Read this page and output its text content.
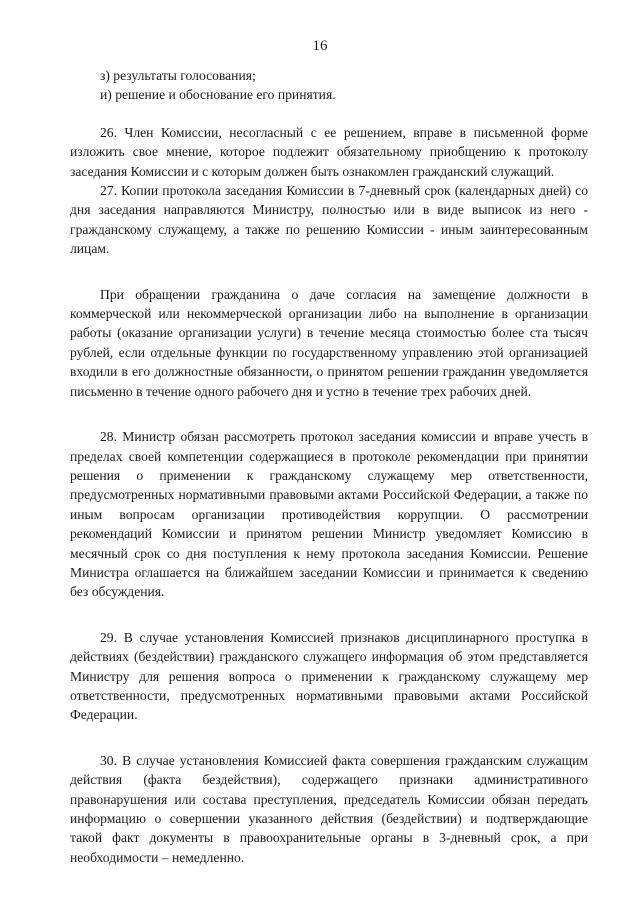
16

з) результаты голосования;

и) решение и обоснование его принятия.

26. Член Комиссии, несогласный с ее решением, вправе в письменной форме изложить свое мнение, которое подлежит обязательному приобщению к протоколу заседания Комиссии и с которым должен быть ознакомлен гражданский служащий.

27. Копии протокола заседания Комиссии в 7-дневный срок (календарных дней) со дня заседания направляются Министру, полностью или в виде выписок из него - гражданскому служащему, а также по решению Комиссии - иным заинтересованным лицам.

При обращении гражданина о даче согласия на замещение должности в коммерческой или некоммерческой организации либо на выполнение в организации работы (оказание организации услуги) в течение месяца стоимостью более ста тысяч рублей, если отдельные функции по государственному управлению этой организацией входили в его должностные обязанности, о принятом решении гражданин уведомляется письменно в течение одного рабочего дня и устно в течение трех рабочих дней.

28. Министр обязан рассмотреть протокол заседания комиссии и вправе учесть в пределах своей компетенции содержащиеся в протоколе рекомендации при принятии решения о применении к гражданскому служащему мер ответственности, предусмотренных нормативными правовыми актами Российской Федерации, а также по иным вопросам организации противодействия коррупции. О рассмотрении рекомендаций Комиссии и принятом решении Министр уведомляет Комиссию в месячный срок со дня поступления к нему протокола заседания Комиссии. Решение Министра оглашается на ближайшем заседании Комиссии и принимается к сведению без обсуждения.

29. В случае установления Комиссией признаков дисциплинарного проступка в действиях (бездействии) гражданского служащего информация об этом представляется Министру для решения вопроса о применении к гражданскому служащему мер ответственности, предусмотренных нормативными правовыми актами Российской Федерации.

30. В случае установления Комиссией факта совершения гражданским служащим действия (факта бездействия), содержащего признаки административного правонарушения или состава преступления, председатель Комиссии обязан передать информацию о совершении указанного действия (бездействии) и подтверждающие такой факт документы в правоохранительные органы в 3-дневный срок, а при необходимости – немедленно.
